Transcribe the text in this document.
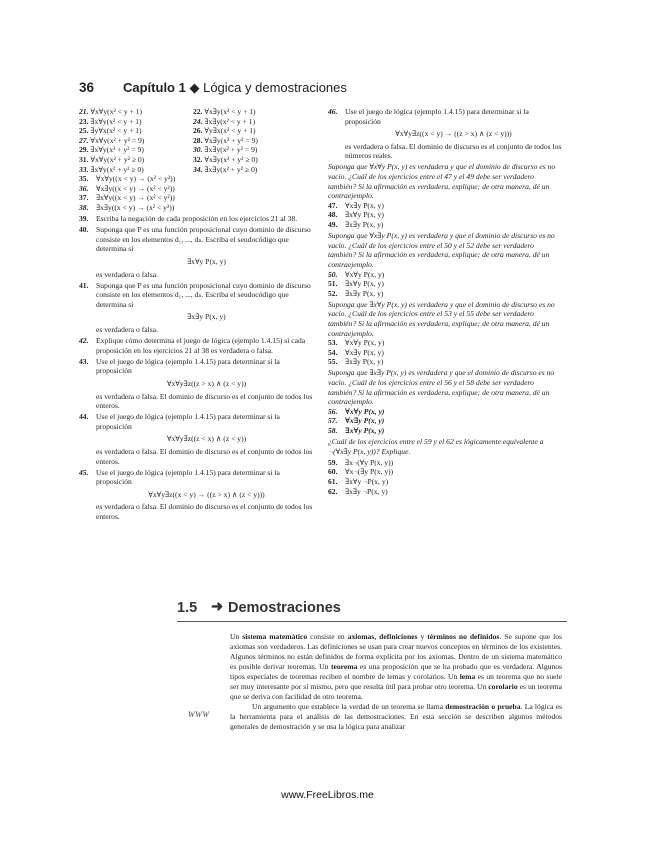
36 Capítulo 1 ◆ Lógica y demostraciones
21. ∀x∀y(x² < y + 1)	22. ∀x∃y(x² < y + 1)
23. ∃x∀y(x² < y + 1)	24. ∃x∃y(x² < y + 1)
25. ∃y∀x(x² < y + 1)	26. ∀y∃x(x² < y + 1)
27. ∀x∀y(x² + y² = 9)	28. ∀x∃y(x² + y² = 9)
29. ∃x∀y(x² + y² = 9)	30. ∃x∃y(x² + y² = 9)
31. ∀x∀y(x² + y² ≥ 0)	32. ∀x∃y(x² + y² ≥ 0)
33. ∃x∀y(x² + y² ≥ 0)	34. ∃x∃y(x² + y² ≥ 0)
35. ∀x∀y((x < y) → (x² < y²))
36. ∀x∃y((x < y) → (x² < y²))
37. ∃x∀y((x < y) → (x² < y²))
38. ∃x∃y((x < y) → (x² < y²))
39. Escriba la negación de cada proposición en los ejercicios 21 al 38.
40. Suponga que P es una función proposicional cuyo dominio de discurso consiste en los elementos d₁, ..., dₙ. Escriba el seudocódigo que determina si
∃x∀y P(x, y)
es verdadera o falsa.
41. Suponga que P es una función proposicional cuyo dominio de discurso consiste en los elementos d₁, ..., dₙ. Escriba el seudocódigo que determina si
∃x∃y P(x, y)
es verdadera o falsa.
42. Explique cómo determina el juego de lógica (ejemplo 1.4.15) si cada proposición en los ejercicios 21 al 38 es verdadera o falsa.
43. Use el juego de lógica (ejemplo 1.4.15) para determinar si la proposición
∀x∀y∃z((z > x) ∧ (z < y))
es verdadera o falsa. El dominio de discurso es el conjunto de todos los enteros.
44. Use el juego de lógica (ejemplo 1.4.15) para determinar si la proposición
∀x∀y∃z((z < x) ∧ (z < y))
es verdadera o falsa. El dominio de discurso es el conjunto de todos los enteros.
45. Use el juego de lógica (ejemplo 1.4.15) para determinar si la proposición
∀x∀y∃z((x < y) → ((z > x) ∧ (z < y)))
es verdadera o falsa. El dominio de discurso es el conjunto de todos los enteros.
46. Use el juego de lógica (ejemplo 1.4.15) para determinar si la proposición
∀x∀y∃z((x < y) → ((z > x) ∧ (z < y)))
es verdadera o falsa. El dominio de discurso es el conjunto de todos los números reales.
Suponga que ∀x∀y P(x, y) es verdadera y que el dominio de discurso es no vacío. ¿Cuál de los ejercicios entre el 47 y el 49 debe ser verdadero también? Si la afirmación es verdadera, explique; de otra manera, dé un contraejemplo.
47. ∀x∃y P(x, y)
48. ∃x∀y P(x, y)
49. ∃x∃y P(x, y)
Suponga que ∀x∃y P(x, y) es verdadera y que el dominio de discurso es no vacío. ¿Cuál de los ejercicios entre el 50 y el 52 debe ser verdadero también? Si la afirmación es verdadera, explique; de otra manera, dé un contraejemplo.
50. ∀x∀y P(x, y)
51. ∃x∀y P(x, y)
52. ∃x∃y P(x, y)
Suponga que ∃x∀y P(x, y) es verdadera y que el dominio de discurso es no vacío. ¿Cuál de los ejercicios entre el 53 y el 55 debe ser verdadero también? Si la afirmación es verdadera, explique; de otra manera, dé un contraejemplo.
53. ∀x∀y P(x, y)
54. ∀x∃y P(x, y)
55. ∃x∃y P(x, y)
Suponga que ∃x∃y P(x, y) es verdadera y que el dominio de discurso es no vacío. ¿Cuál de los ejercicios entre el 56 y el 58 debe ser verdadero también? Si la afirmación es verdadera, explique; de otra manera, dé un contraejemplo.
56. ∀x∀y P(x, y)
57. ∀x∃y P(x, y)
58. ∃x∀y P(x, y)
¿Cuál de los ejercicios entre el 59 y el 62 es lógicamente equivalente a ¬(∀x∃y P(x, y))? Explique.
59. ∃x¬(∀y P(x, y))
60. ∀x¬(∃y P(x, y))
61. ∃x∀y ¬P(x, y)
62. ∃x∃y ¬P(x, y)
1.5 ➜ Demostraciones
WWW

Un sistema matemático consiste en axiomas, definiciones y términos no definidos. Se supone que los axiomas son verdaderos. Las definiciones se usan para crear nuevos conceptos en términos de los existentes. Algunos términos no están definidos de forma explícita por los axiomas. Dentro de un sistema matemático es posible derivar teoremas. Un teorema es una proposición que se ha probado que es verdadera. Algunos tipos especiales de teoremas reciben el nombre de lemas y corolarios. Un lema es un teorema que no suele ser muy interesante por sí mismo, pero que resulta útil para probar otro teorema. Un corolario es un teorema que se deriva con facilidad de otro teorema.

Un argumento que establece la verdad de un teorema se llama demostración o prueba. La lógica es la herramienta para el análisis de las demostraciones. En esta sección se describen algunos métodos generales de demostración y se usa la lógica para analizar

www.FreeLibros.me
